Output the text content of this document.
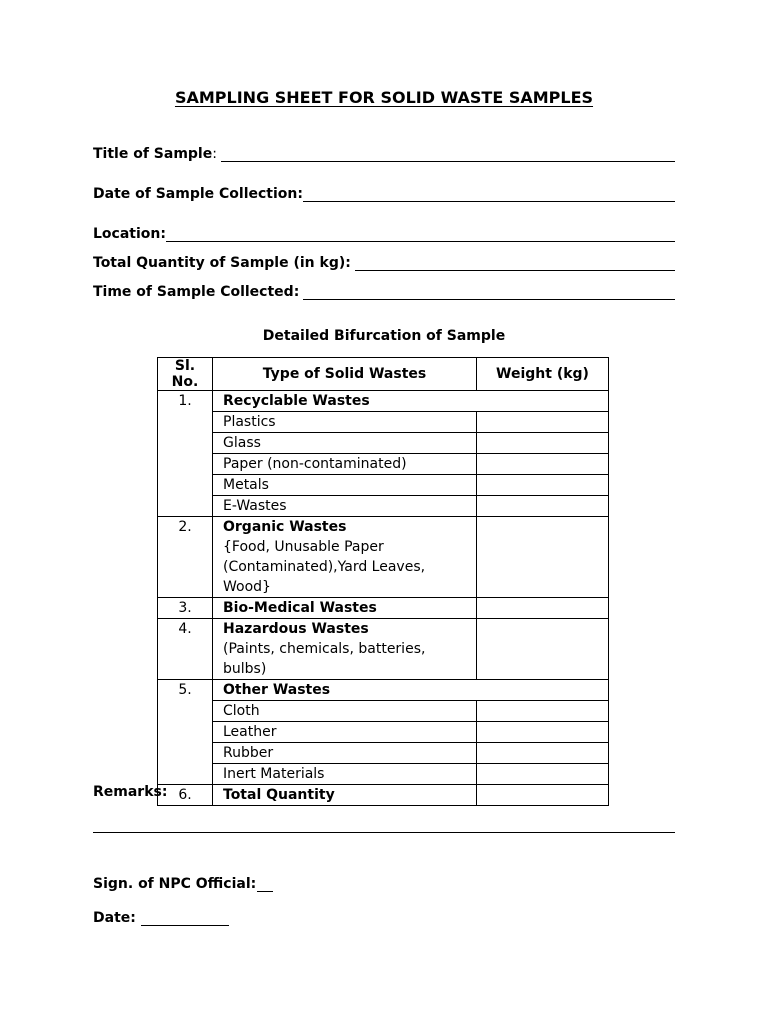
SAMPLING SHEET FOR SOLID WASTE SAMPLES
Title of Sample:
Date of Sample Collection:
Location:
Total Quantity of Sample (in kg):
Time of Sample Collected:
Detailed Bifurcation of Sample
Sl. No.	Type of Solid Wastes	Weight (kg)
1.	Recyclable Wastes	
	Plastics	
	Glass	
	Paper (non-contaminated)	
	Metals	
	E-Wastes	
2.	Organic Wastes
{Food, Unusable Paper
(Contaminated),Yard Leaves, Wood}	

3.	Bio-Medical Wastes	
4.	Hazardous Wastes
(Paints, chemicals, batteries, bulbs)	

5.	Other Wastes	
	Cloth	
	Leather	
	Rubber	
	Inert Materials	
6.	Total Quantity	
Remarks:
Sign. of NPC Official:
Date:
